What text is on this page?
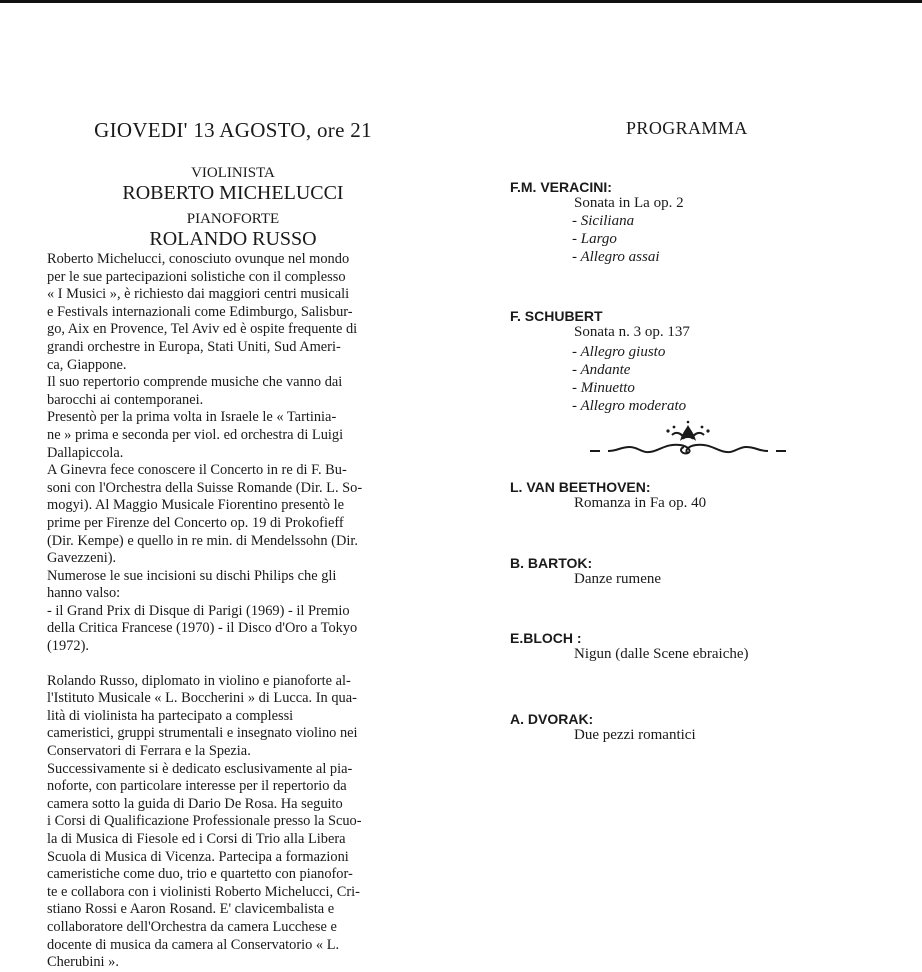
GIOVEDI' 13 AGOSTO, ore 21

VIOLINISTA

ROBERTO MICHELUCCI

PIANOFORTE

ROLANDO RUSSO

Roberto Michelucci, conosciuto ovunque nel mondo
per le sue partecipazioni solistiche con il complesso
« I Musici », è richiesto dai maggiori centri musicali
e Festivals internazionali come Edimburgo, Salisbur-
go, Aix en Provence, Tel Aviv ed è ospite frequente di
grandi orchestre in Europa, Stati Uniti, Sud Ameri-
ca, Giappone.
Il suo repertorio comprende musiche che vanno dai
barocchi ai contemporanei.
Presentò per la prima volta in Israele le « Tartinia-
ne » prima e seconda per viol. ed orchestra di Luigi
Dallapiccola.
A Ginevra fece conoscere il Concerto in re di F. Bu-
soni con l'Orchestra della Suisse Romande (Dir. L. So-
mogyi). Al Maggio Musicale Fiorentino presentò le
prime per Firenze del Concerto op. 19 di Prokofieff
(Dir. Kempe) e quello in re min. di Mendelssohn (Dir.
Gavezzeni).
Numerose le sue incisioni su dischi Philips che gli
hanno valso:
- il Grand Prix di Disque di Parigi (1969) - il Premio
della Critica Francese (1970) - il Disco d'Oro a Tokyo
(1972).

Rolando Russo, diplomato in violino e pianoforte al-
l'Istituto Musicale « L. Boccherini » di Lucca. In qua-
lità di violinista ha partecipato a complessi
cameristici, gruppi strumentali e insegnato violino nei
Conservatori di Ferrara e la Spezia.
Successivamente si è dedicato esclusivamente al pia-
noforte, con particolare interesse per il repertorio da
camera sotto la guida di Dario De Rosa. Ha seguito
i Corsi di Qualificazione Professionale presso la Scuo-
la di Musica di Fiesole ed i Corsi di Trio alla Libera
Scuola di Musica di Vicenza. Partecipa a formazioni
cameristiche come duo, trio e quartetto con pianofor-
te e collabora con i violinisti Roberto Michelucci, Cri-
stiano Rossi e Aaron Rosand. E' clavicembalista e
collaboratore dell'Orchestra da camera Lucchese e
docente di musica da camera al Conservatorio « L.
Cherubini ».

PROGRAMMA

F.M. VERACINI:

Sonata in La op. 2

- Siciliana

- Largo

- Allegro assai

F. SCHUBERT

Sonata n. 3 op. 137

- Allegro giusto

- Andante

- Minuetto

- Allegro moderato

L. VAN BEETHOVEN:

Romanza in Fa op. 40

B. BARTOK:

Danze rumene

E.BLOCH :

Nigun (dalle Scene ebraiche)

A. DVORAK:

Due pezzi romantici
